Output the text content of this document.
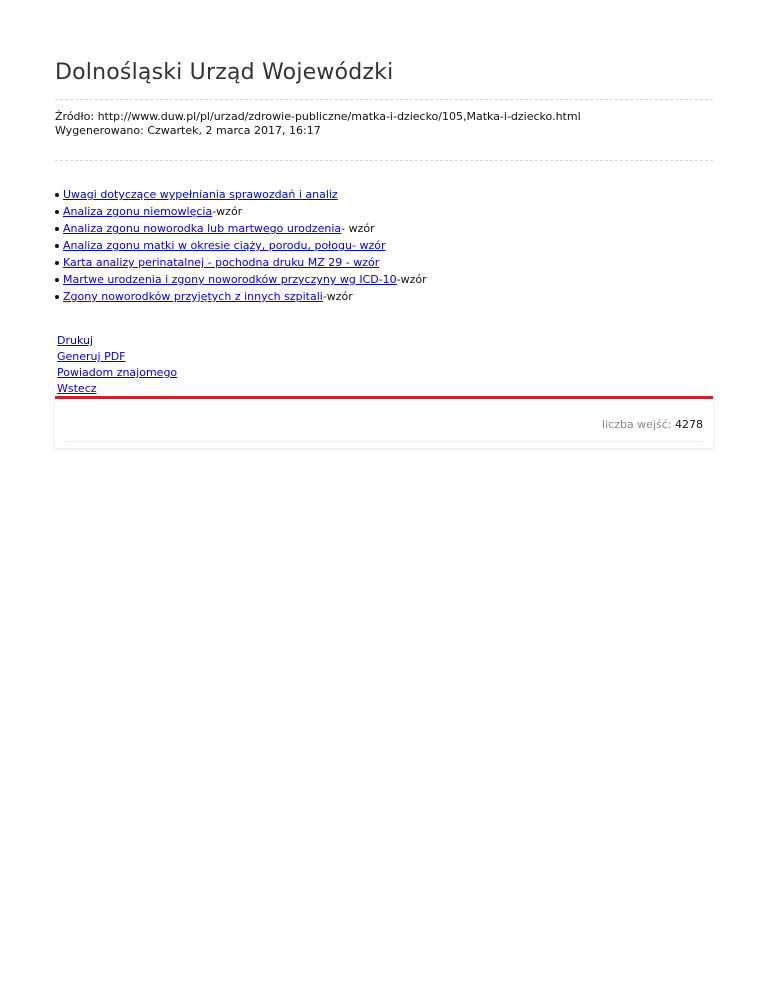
Dolnośląski Urząd Wojewódzki
Źródło: http://www.duw.pl/pl/urzad/zdrowie-publiczne/matka-i-dziecko/105,Matka-i-dziecko.html
Wygenerowano: Czwartek, 2 marca 2017, 16:17
Uwagi dotyczące wypełniania sprawozdań i analiz
Analiza zgonu niemowlęcia-wzór
Analiza zgonu noworodka lub martwego urodzenia- wzór
Analiza zgonu matki w okresie ciąży, porodu, połogu- wzór
Karta analizy perinatalnej - pochodna druku MZ 29 - wzór
Martwe urodzenia i zgony noworodków przyczyny wg ICD-10-wzór
Zgony noworodków przyjętych z innych szpitali-wzór
Drukuj
Generuj PDF
Powiadom znajomego
Wstecz
liczba wejść: 4278
